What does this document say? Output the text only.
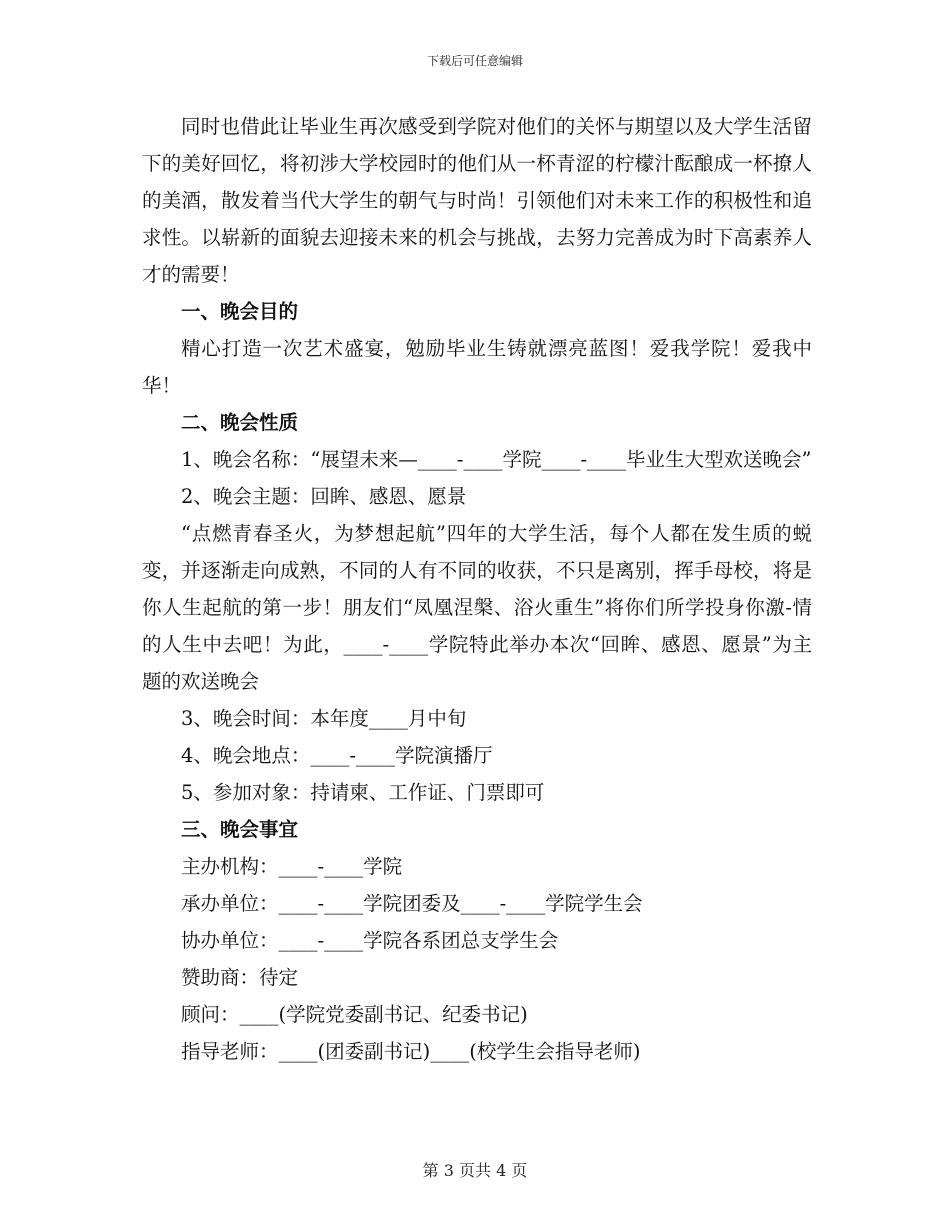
下载后可任意编辑

同时也借此让毕业生再次感受到学院对他们的关怀与期望以及大学生活留下的美好回忆，将初涉大学校园时的他们从一杯青涩的柠檬汁酝酿成一杯撩人的美酒，散发着当代大学生的朝气与时尚！引领他们对未来工作的积极性和追求性。以崭新的面貌去迎接未来的机会与挑战，去努力完善成为时下高素养人才的需要！

一、晚会目的

精心打造一次艺术盛宴，勉励毕业生铸就漂亮蓝图！爱我学院！爱我中华！

二、晚会性质

1、晚会名称：“展望未来—____-____学院____-____毕业生大型欢送晚会”

2、晚会主题：回眸、感恩、愿景

“点燃青春圣火，为梦想起航”四年的大学生活，每个人都在发生质的蜕变，并逐渐走向成熟，不同的人有不同的收获，不只是离别，挥手母校，将是你人生起航的第一步！朋友们“凤凰涅槃、浴火重生”将你们所学投身你激-情的人生中去吧！为此，____-____学院特此举办本次“回眸、感恩、愿景”为主题的欢送晚会

3、晚会时间：本年度____月中旬

4、晚会地点：____-____学院演播厅

5、参加对象：持请柬、工作证、门票即可

三、晚会事宜

主办机构：____-____学院

承办单位：____-____学院团委及____-____学院学生会

协办单位：____-____学院各系团总支学生会

赞助商：待定

顾问：____(学院党委副书记、纪委书记)

指导老师：____(团委副书记)____(校学生会指导老师)

第 3 页共 4 页
